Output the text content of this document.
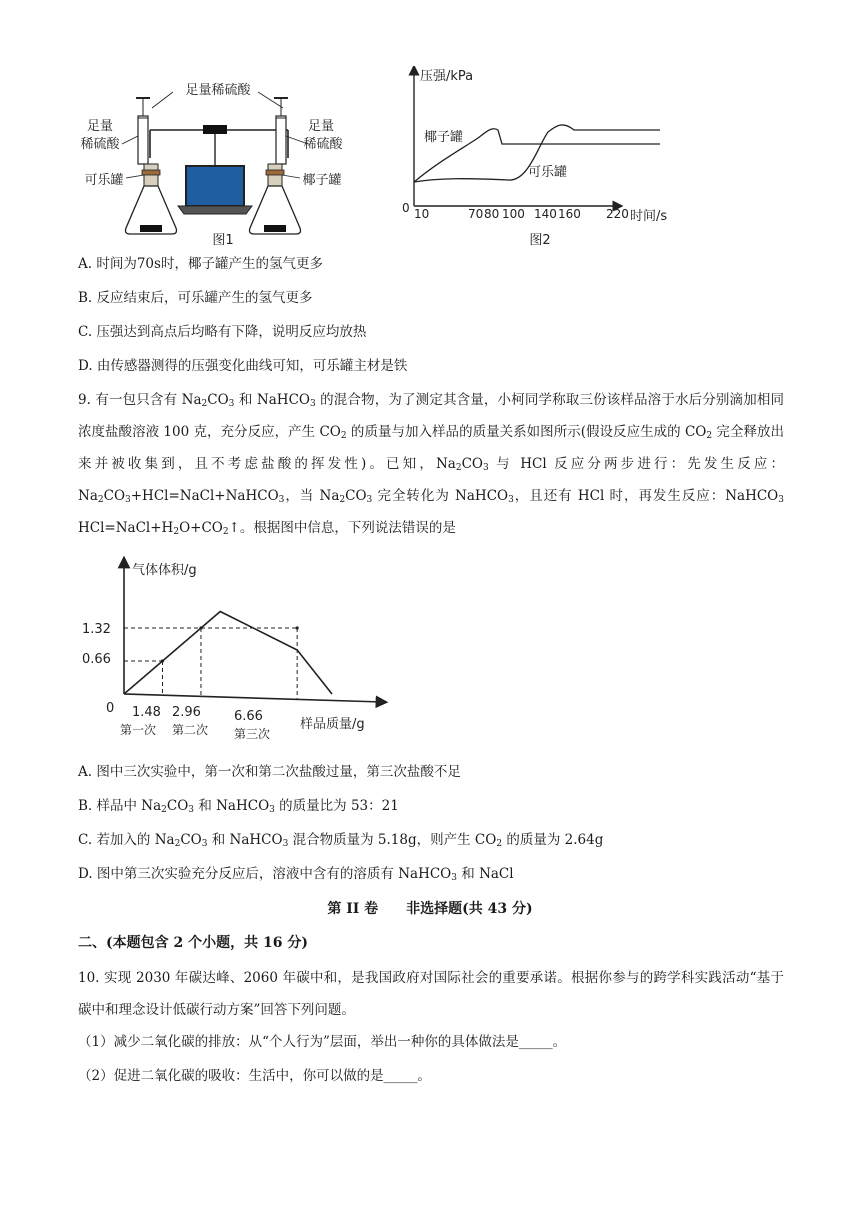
足量稀硫酸
足量
稀硫酸
足量
稀硫酸
可乐罐	椰子罐
图1
压强/kPa
椰子罐
可乐罐
0 10	70 80 100 140 160 220 时间/s
图2
A. 时间为70s时，椰子罐产生的氢气更多
B. 反应结束后，可乐罐产生的氢气更多
C. 压强达到高点后均略有下降，说明反应均放热
D. 由传感器测得的压强变化曲线可知，可乐罐主材是铁
9. 有一包只含有 $Na_2CO_3$ 和 NaHCO$_3$ 的混合物，为了测定其含量，小柯同学称取三份该样品溶于水后分别滴加相同浓度盐酸溶液 100 克，充分反应，产生 $CO_2$ 的质量与加入样品的质量关系如图所示(假设反应生成的 $CO_2$ 完全释放出来并被收集到，且不考虑盐酸的挥发性)。已知，$Na_2CO_3$ 与 HCl 反应分两步进行：先发生反应：$Na_2CO_3+HCl=NaCl+NaHCO_3$，当 $Na_2CO_3$ 完全转化为 NaHCO$_3$，且还有 HCl 时，再发生反应：NaHCO$_3$ $HCl=NaCl+H_2O+CO_2↑$。根据图中信息，下列说法错误的是
气体体积/g
0
1.32
0.66
1.48 2.96	6.66
第一次 第二次 第三次
样品质量/g
A. 图中三次实验中，第一次和第二次盐酸过量，第三次盐酸不足
B. 样品中 $Na_2CO_3$ 和 NaHCO$_3$ 的质量比为 53：21
C. 若加入的 $Na_2CO_3$ 和 NaHCO$_3$ 混合物质量为 5.18g，则产生 $CO_2$ 的质量为 2.64g
D. 图中第三次实验充分反应后，溶液中含有的溶质有 NaHCO$_3$ 和 NaCl
第 II 卷　　非选择题(共 43 分)
二、(本题包含 2 个小题，共 16 分)
10. 实现 2030 年碳达峰、2060 年碳中和，是我国政府对国际社会的重要承诺。根据你参与的跨学科实践活动“基于碳中和理念设计低碳行动方案”回答下列问题。
（1）减少二氧化碳的排放：从“个人行为”层面，举出一种你的具体做法是_____。
（2）促进二氧化碳的吸收：生活中，你可以做的是_____。
